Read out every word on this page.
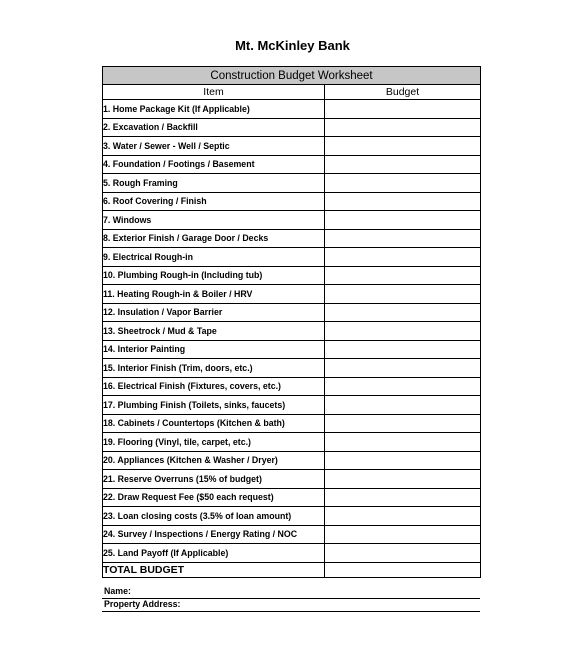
Mt. McKinley Bank
Construction Budget Worksheet	
Item	Budget
1. Home Package Kit (If Applicable)	
2. Excavation / Backfill	
3. Water / Sewer - Well / Septic	
4. Foundation / Footings / Basement	
5. Rough Framing	
6. Roof Covering / Finish	
7. Windows	
8. Exterior Finish / Garage Door / Decks	
9. Electrical Rough-in	
10. Plumbing Rough-in (Including tub)	
11. Heating Rough-in & Boiler / HRV	
12. Insulation / Vapor Barrier	
13. Sheetrock / Mud & Tape	
14. Interior Painting	
15. Interior Finish (Trim, doors, etc.)	
16. Electrical Finish (Fixtures, covers, etc.)	
17. Plumbing Finish (Toilets, sinks, faucets)	
18. Cabinets / Countertops (Kitchen & bath)	
19. Flooring (Vinyl, tile, carpet, etc.)	
20. Appliances (Kitchen & Washer / Dryer)	
21. Reserve Overruns (15% of budget)	
22. Draw Request Fee ($50 each request)	
23. Loan closing costs (3.5% of loan amount)	
24. Survey / Inspections / Energy Rating / NOC	
25. Land Payoff (If Applicable)	
TOTAL BUDGET	
Name:
Property Address:
